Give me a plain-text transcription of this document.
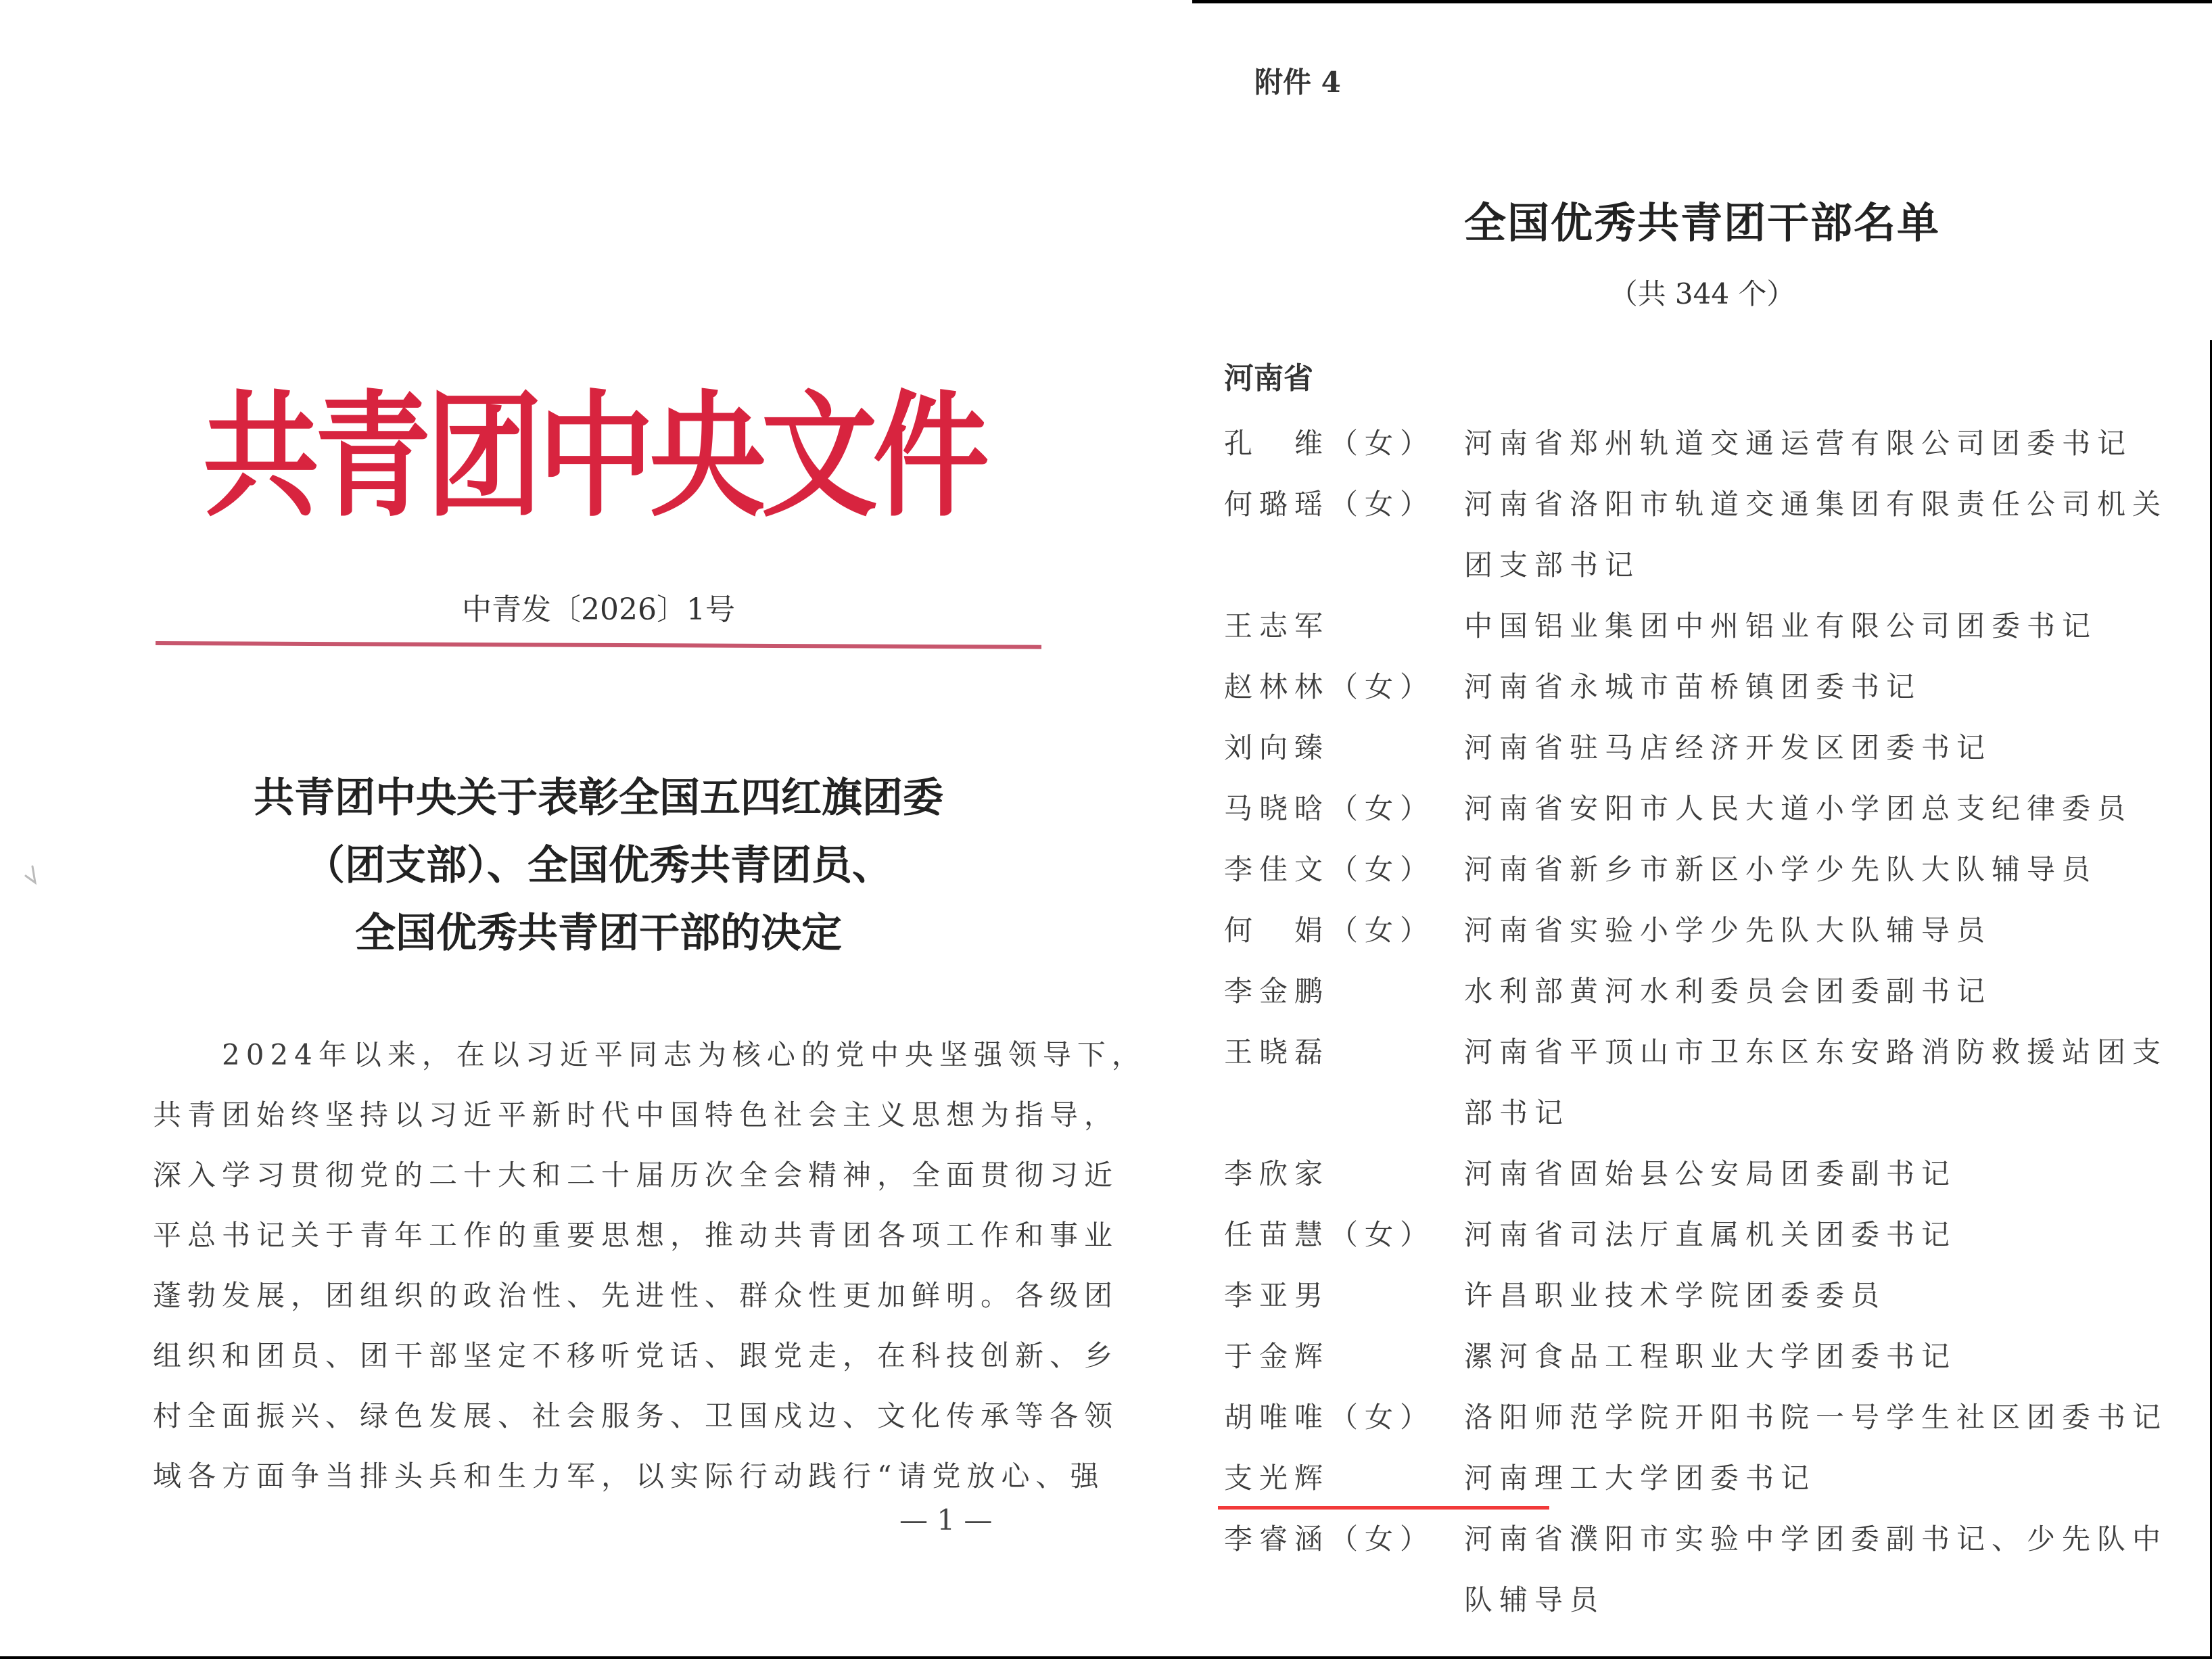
共青团中央文件
中青发〔2026〕1号
共青团中央关于表彰全国五四红旗团委
（团支部）、全国优秀共青团员、
全国优秀共青团干部的决定
　　2024年以来，在以习近平同志为核心的党中央坚强领导下，
共青团始终坚持以习近平新时代中国特色社会主义思想为指导，
深入学习贯彻党的二十大和二十届历次全会精神，全面贯彻习近
平总书记关于青年工作的重要思想，推动共青团各项工作和事业
蓬勃发展，团组织的政治性、先进性、群众性更加鲜明。各级团
组织和团员、团干部坚定不移听党话、跟党走，在科技创新、乡
村全面振兴、绿色发展、社会服务、卫国戍边、文化传承等各领
域各方面争当排头兵和生力军，以实际行动践行“请党放心、强
— 1 —
附件 4
全国优秀共青团干部名单
（共 344 个）
河南省
孔　维（女）	河南省郑州轨道交通运营有限公司团委书记
何璐瑶（女）	河南省洛阳市轨道交通集团有限责任公司机关团支部书记
王志军	中国铝业集团中州铝业有限公司团委书记
赵林林（女）	河南省永城市苗桥镇团委书记
刘向臻	河南省驻马店经济开发区团委书记
马晓晗（女）	河南省安阳市人民大道小学团总支纪律委员
李佳文（女）	河南省新乡市新区小学少先队大队辅导员
何　娟（女）	河南省实验小学少先队大队辅导员
李金鹏	水利部黄河水利委员会团委副书记
王晓磊	河南省平顶山市卫东区东安路消防救援站团支部书记
李欣家	河南省固始县公安局团委副书记
任苗慧（女）	河南省司法厅直属机关团委书记
李亚男	许昌职业技术学院团委委员
于金辉	漯河食品工程职业大学团委书记
胡唯唯（女）	洛阳师范学院开阳书院一号学生社区团委书记
支光辉	河南理工大学团委书记
李睿涵（女）	河南省濮阳市实验中学团委副书记、少先队中队辅导员
